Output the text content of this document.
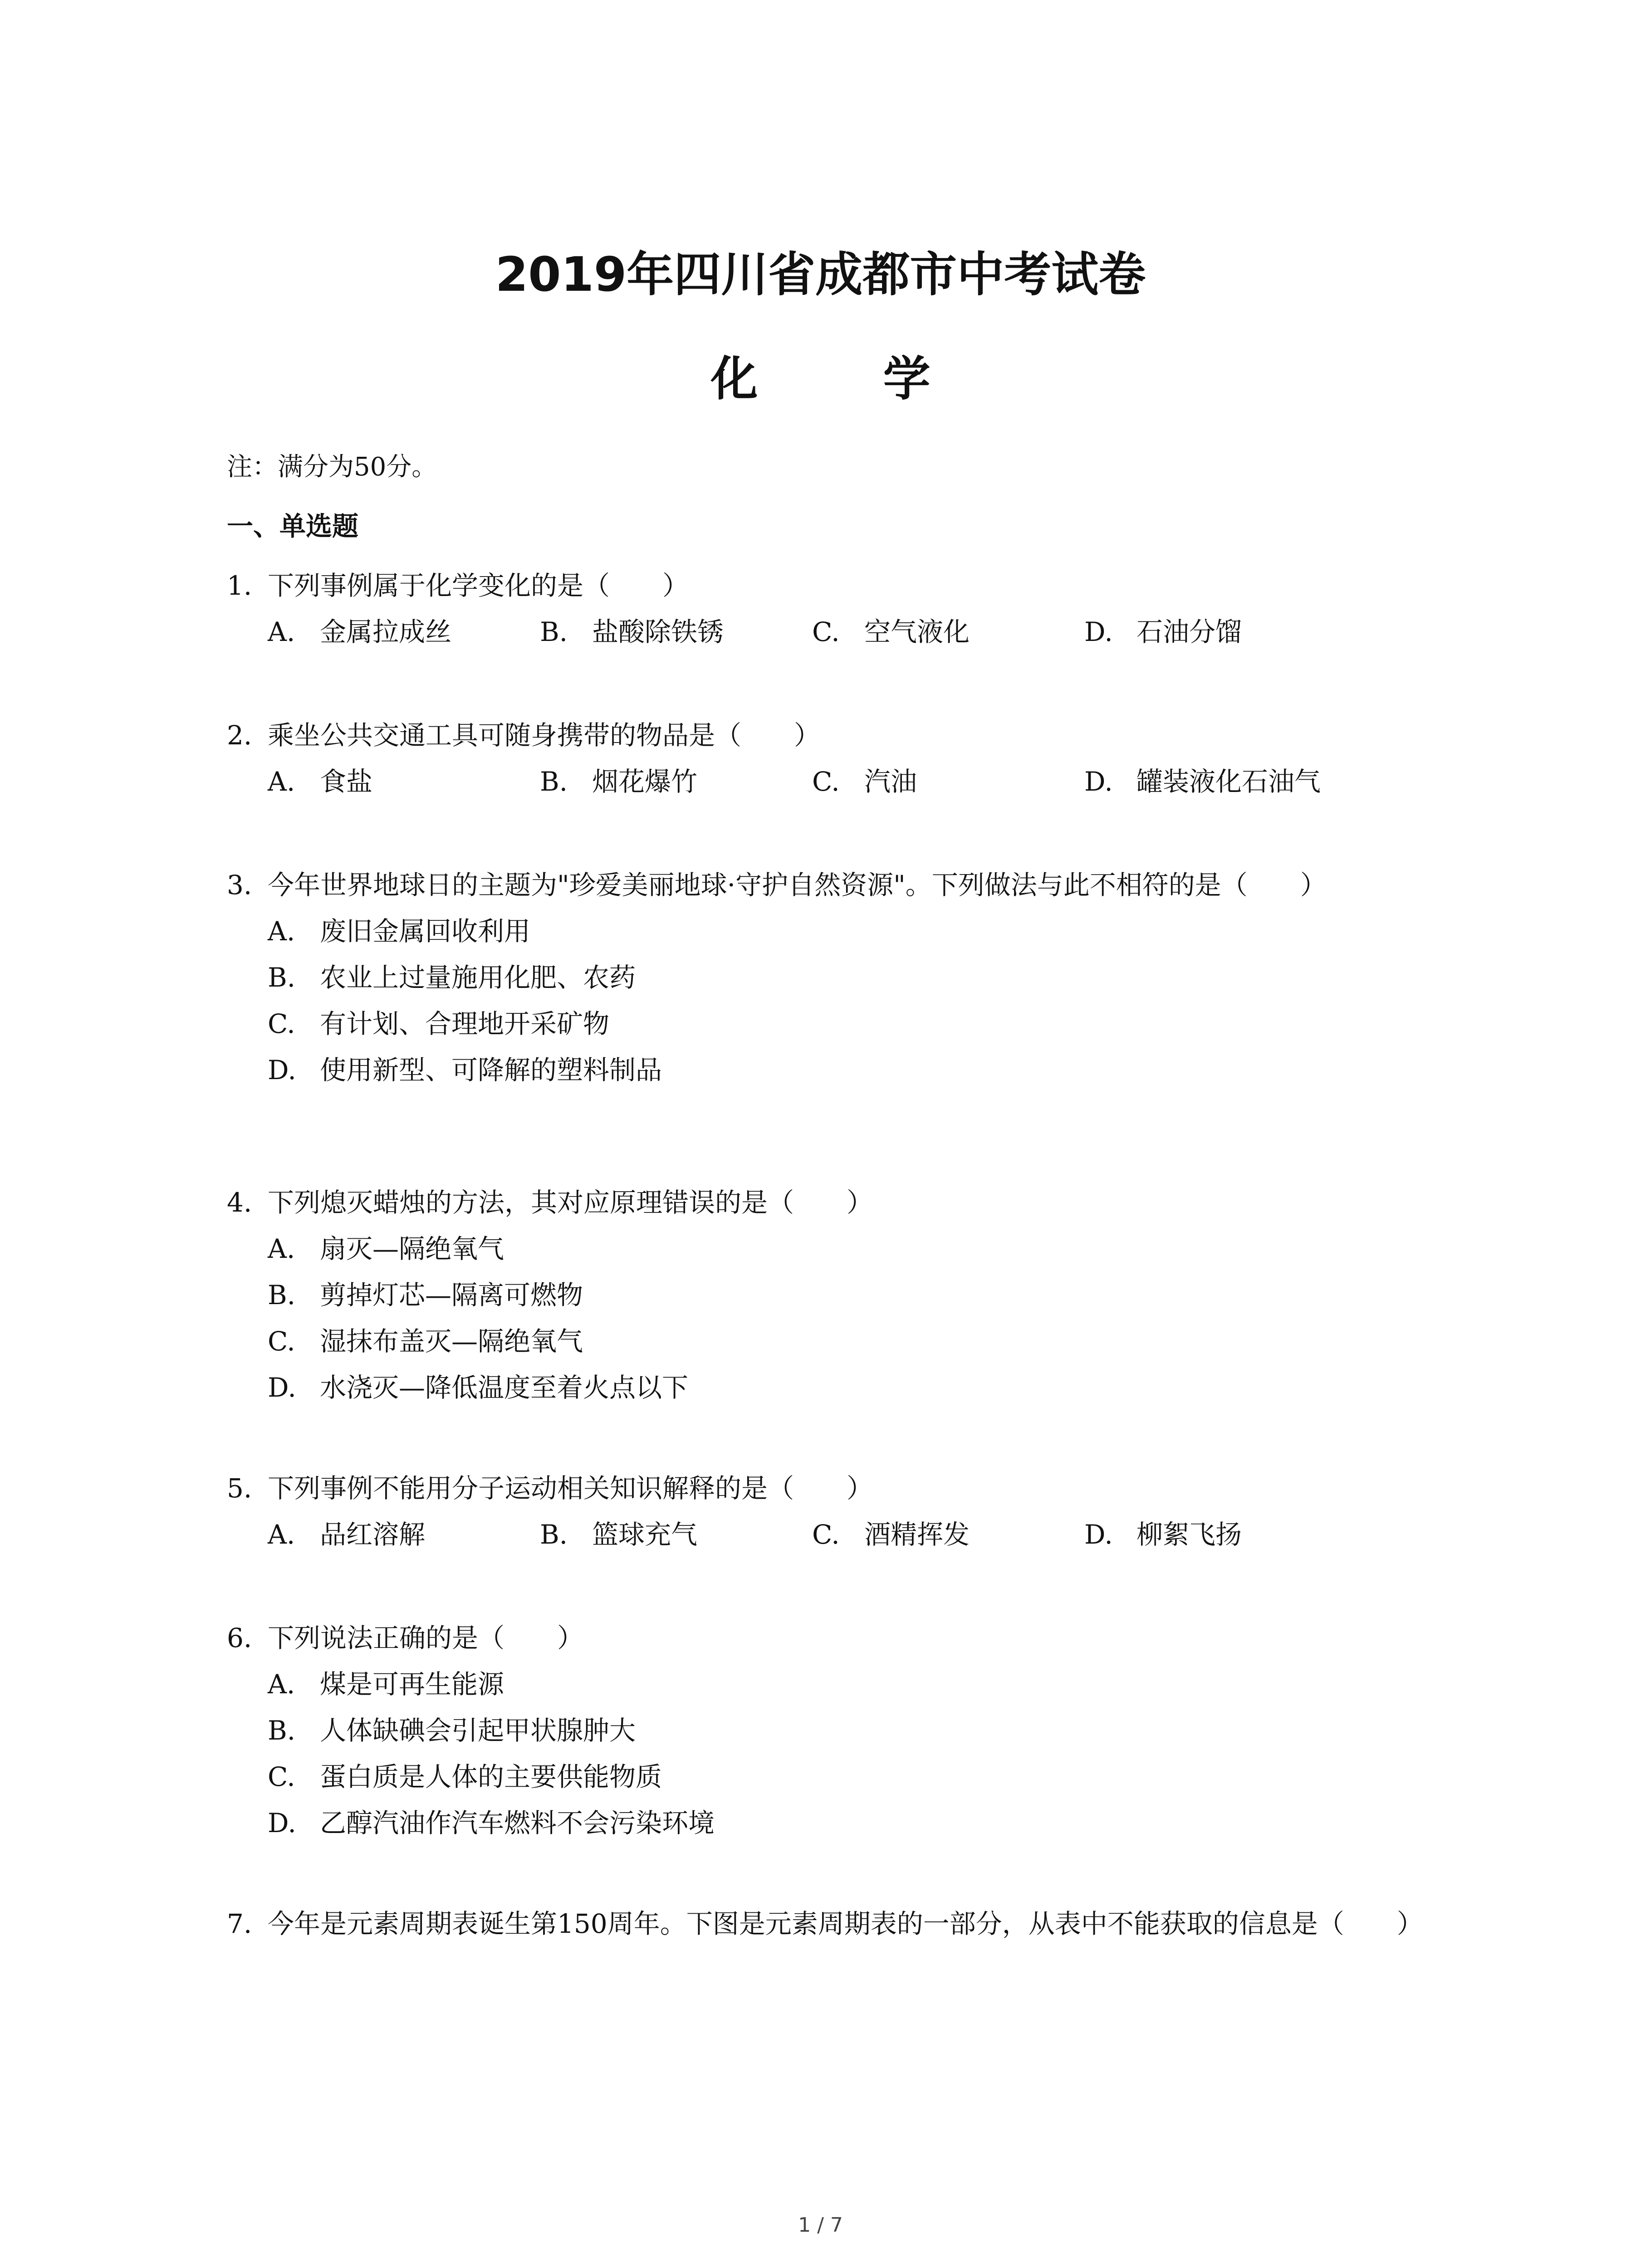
2019年四川省成都市中考试卷
化 学
注：满分为50分。
一、单选题
1. 下列事例属于化学变化的是（　　）
A. 金属拉成丝	B. 盐酸除铁锈	C. 空气液化	D. 石油分馏
2. 乘坐公共交通工具可随身携带的物品是（　　）
A. 食盐	B. 烟花爆竹	C. 汽油	D. 罐装液化石油气
3. 今年世界地球日的主题为"珍爱美丽地球·守护自然资源"。下列做法与此不相符的是（　　）
A. 废旧金属回收利用
B. 农业上过量施用化肥、农药
C. 有计划、合理地开采矿物
D. 使用新型、可降解的塑料制品
4. 下列熄灭蜡烛的方法，其对应原理错误的是（　　）
A. 扇灭—隔绝氧气
B. 剪掉灯芯—隔离可燃物
C. 湿抹布盖灭—隔绝氧气
D. 水浇灭—降低温度至着火点以下
5. 下列事例不能用分子运动相关知识解释的是（　　）
A. 品红溶解	B. 篮球充气	C. 酒精挥发	D. 柳絮飞扬
6. 下列说法正确的是（　　）
A. 煤是可再生能源
B. 人体缺碘会引起甲状腺肿大
C. 蛋白质是人体的主要供能物质
D. 乙醇汽油作汽车燃料不会污染环境
7. 今年是元素周期表诞生第150周年。下图是元素周期表的一部分，从表中不能获取的信息是（　　）
1 / 7
